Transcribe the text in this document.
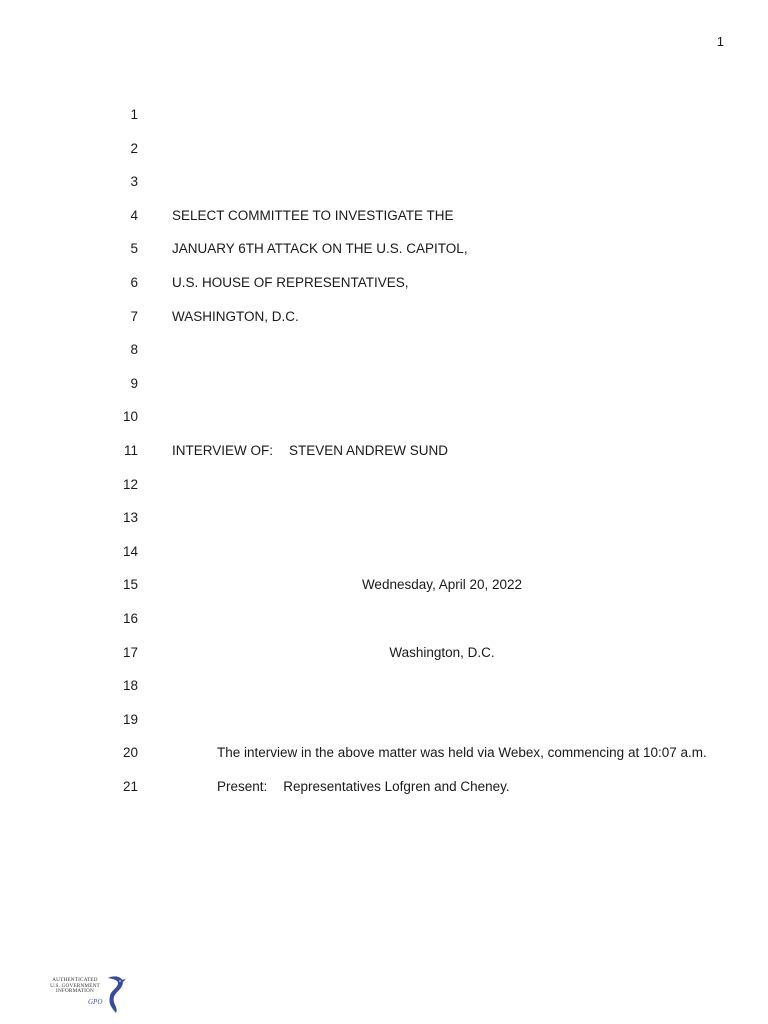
1
1
2
3
4	SELECT COMMITTEE TO INVESTIGATE THE
5	JANUARY 6TH ATTACK ON THE U.S. CAPITOL,
6	U.S. HOUSE OF REPRESENTATIVES,
7	WASHINGTON, D.C.
8
9
10
11	INTERVIEW OF: STEVEN ANDREW SUND
12
13
14
15	Wednesday, April 20, 2022
16
17	Washington, D.C.
18
19
20	The interview in the above matter was held via Webex, commencing at 10:07 a.m.
21	Present: Representatives Lofgren and Cheney.
AUTHENTICATED
U.S. GOVERNMENT
INFORMATION
GPO
